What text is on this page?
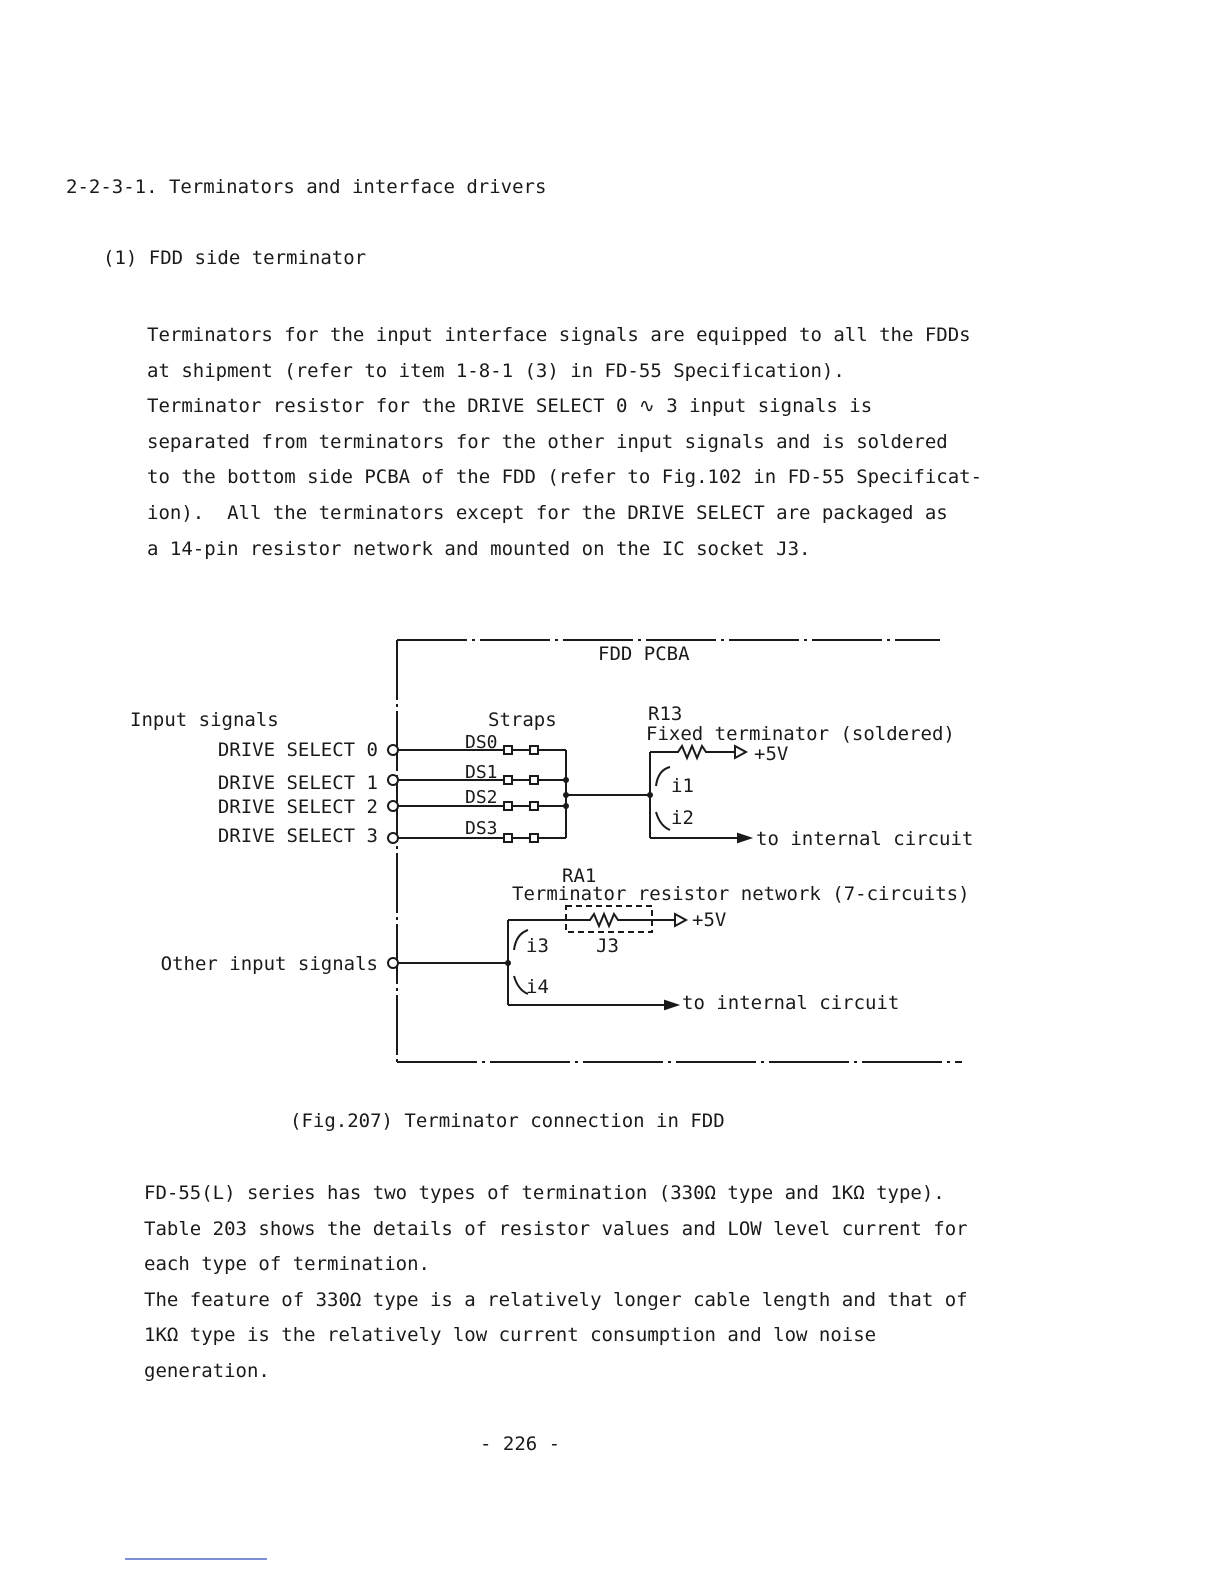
2-2-3-1. Terminators and interface drivers
(1) FDD side terminator
Terminators for the input interface signals are equipped to all the FDDs
at shipment (refer to item 1-8-1 (3) in FD-55 Specification).
Terminator resistor for the DRIVE SELECT 0 ∿ 3 input signals is
separated from terminators for the other input signals and is soldered
to the bottom side PCBA of the FDD (refer to Fig.102 in FD-55 Specificat-
ion).  All the terminators except for the DRIVE SELECT are packaged as
a 14-pin resistor network and mounted on the IC socket J3.
FDD PCBA
Input signals
DRIVE SELECT 0
DRIVE SELECT 1
DRIVE SELECT 2
DRIVE SELECT 3
Straps
DS0
DS1
DS2
DS3
R13
Fixed terminator (soldered)
+5V
i1
i2
to internal circuit
RA1
Terminator resistor network (7-circuits)
+5V
J3
i3
i4
Other input signals
to internal circuit
(Fig.207) Terminator connection in FDD
FD-55(L) series has two types of termination (330Ω type and 1KΩ type).
Table 203 shows the details of resistor values and LOW level current for
each type of termination.
The feature of 330Ω type is a relatively longer cable length and that of
1KΩ type is the relatively low current consumption and low noise
generation.
- 226 -
